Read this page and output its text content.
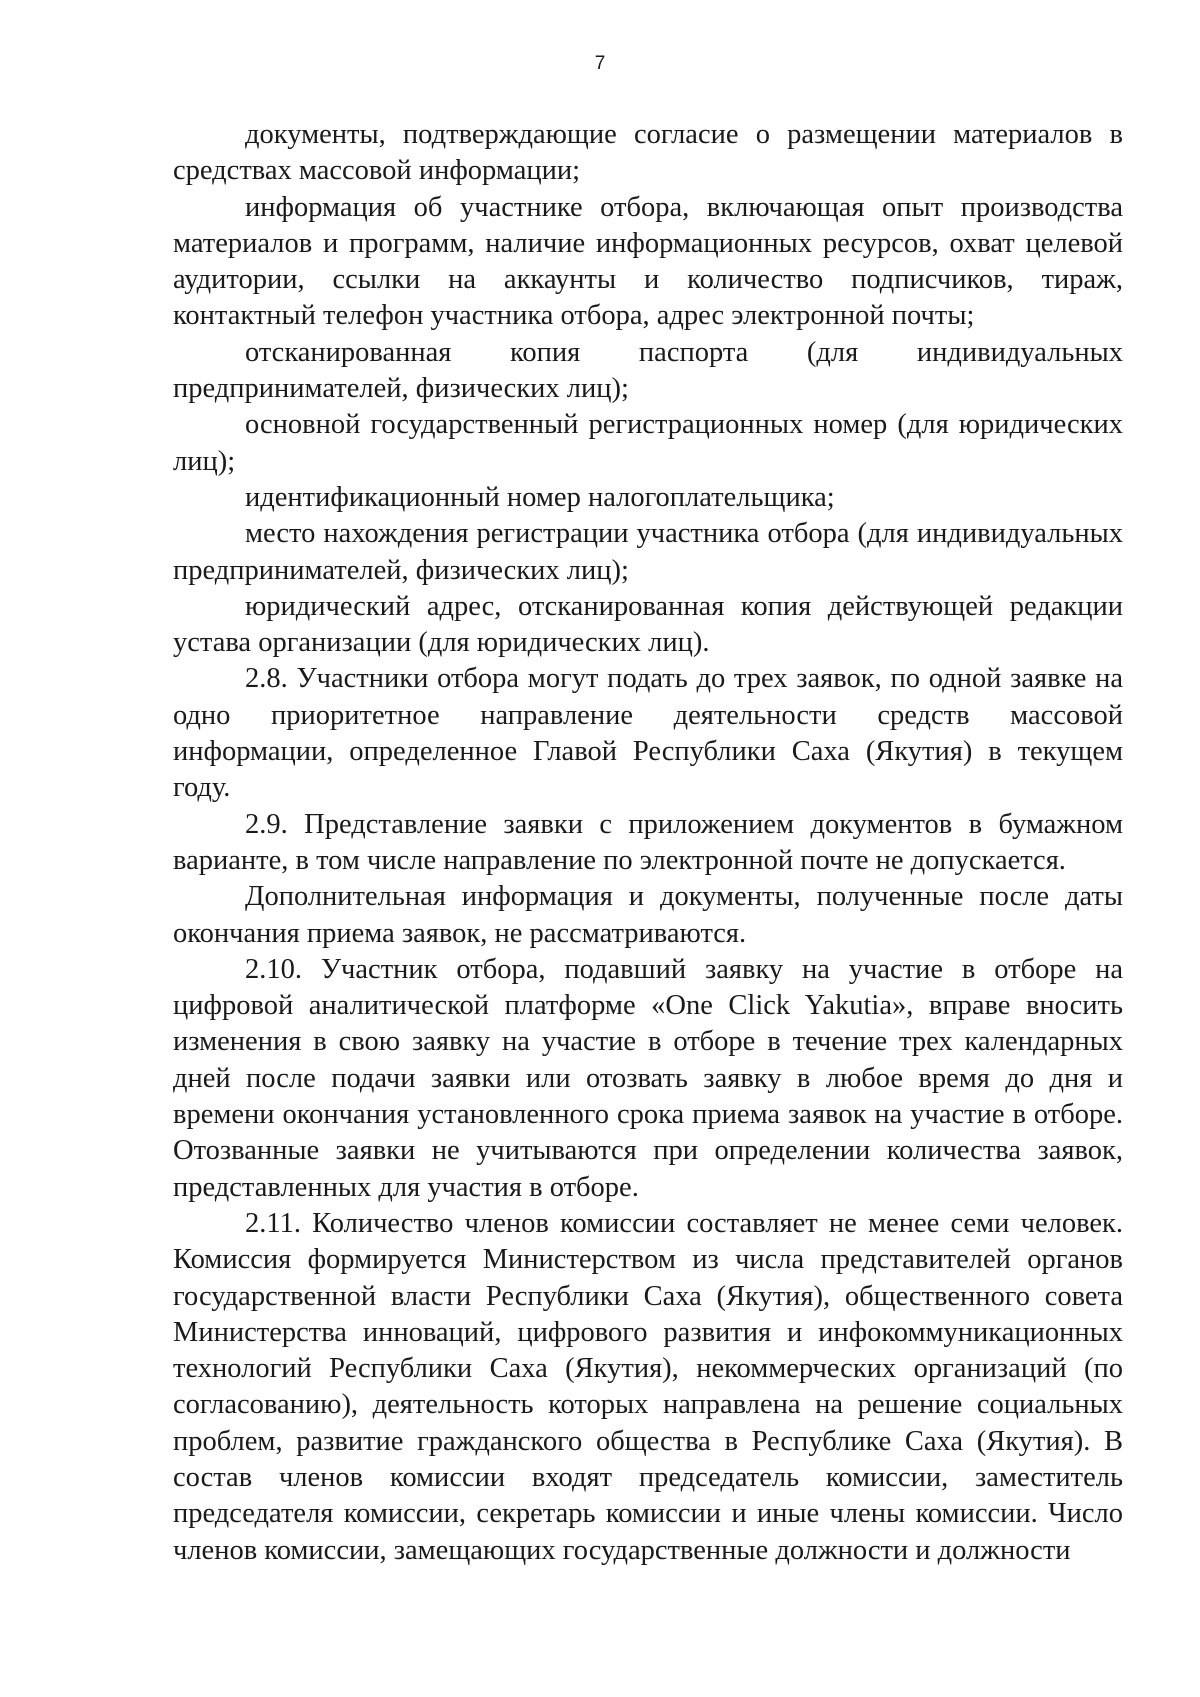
7

документы, подтверждающие согласие о размещении материалов в средствах массовой информации;

информация об участнике отбора, включающая опыт производства материалов и программ, наличие информационных ресурсов, охват целевой аудитории, ссылки на аккаунты и количество подписчиков, тираж, контактный телефон участника отбора, адрес электронной почты;

отсканированная копия паспорта (для индивидуальных предпринимателей, физических лиц);

основной государственный регистрационных номер (для юридических лиц);

идентификационный номер налогоплательщика;

место нахождения регистрации участника отбора (для индивидуальных предпринимателей, физических лиц);

юридический адрес, отсканированная копия действующей редакции устава организации (для юридических лиц).

2.8. Участники отбора могут подать до трех заявок, по одной заявке на одно приоритетное направление деятельности средств массовой информации, определенное Главой Республики Саха (Якутия) в текущем году.

2.9. Представление заявки с приложением документов в бумажном варианте, в том числе направление по электронной почте не допускается.

Дополнительная информация и документы, полученные после даты окончания приема заявок, не рассматриваются.

2.10. Участник отбора, подавший заявку на участие в отборе на цифровой аналитической платформе «One Click Yakutia», вправе вносить изменения в свою заявку на участие в отборе в течение трех календарных дней после подачи заявки или отозвать заявку в любое время до дня и времени окончания установленного срока приема заявок на участие в отборе. Отозванные заявки не учитываются при определении количества заявок, представленных для участия в отборе.

2.11. Количество членов комиссии составляет не менее семи человек. Комиссия формируется Министерством из числа представителей органов государственной власти Республики Саха (Якутия), общественного совета Министерства инноваций, цифрового развития и инфокоммуникационных технологий Республики Саха (Якутия), некоммерческих организаций (по согласованию), деятельность которых направлена на решение социальных проблем, развитие гражданского общества в Республике Саха (Якутия). В состав членов комиссии входят председатель комиссии, заместитель председателя комиссии, секретарь комиссии и иные члены комиссии. Число членов комиссии, замещающих государственные должности и должности
